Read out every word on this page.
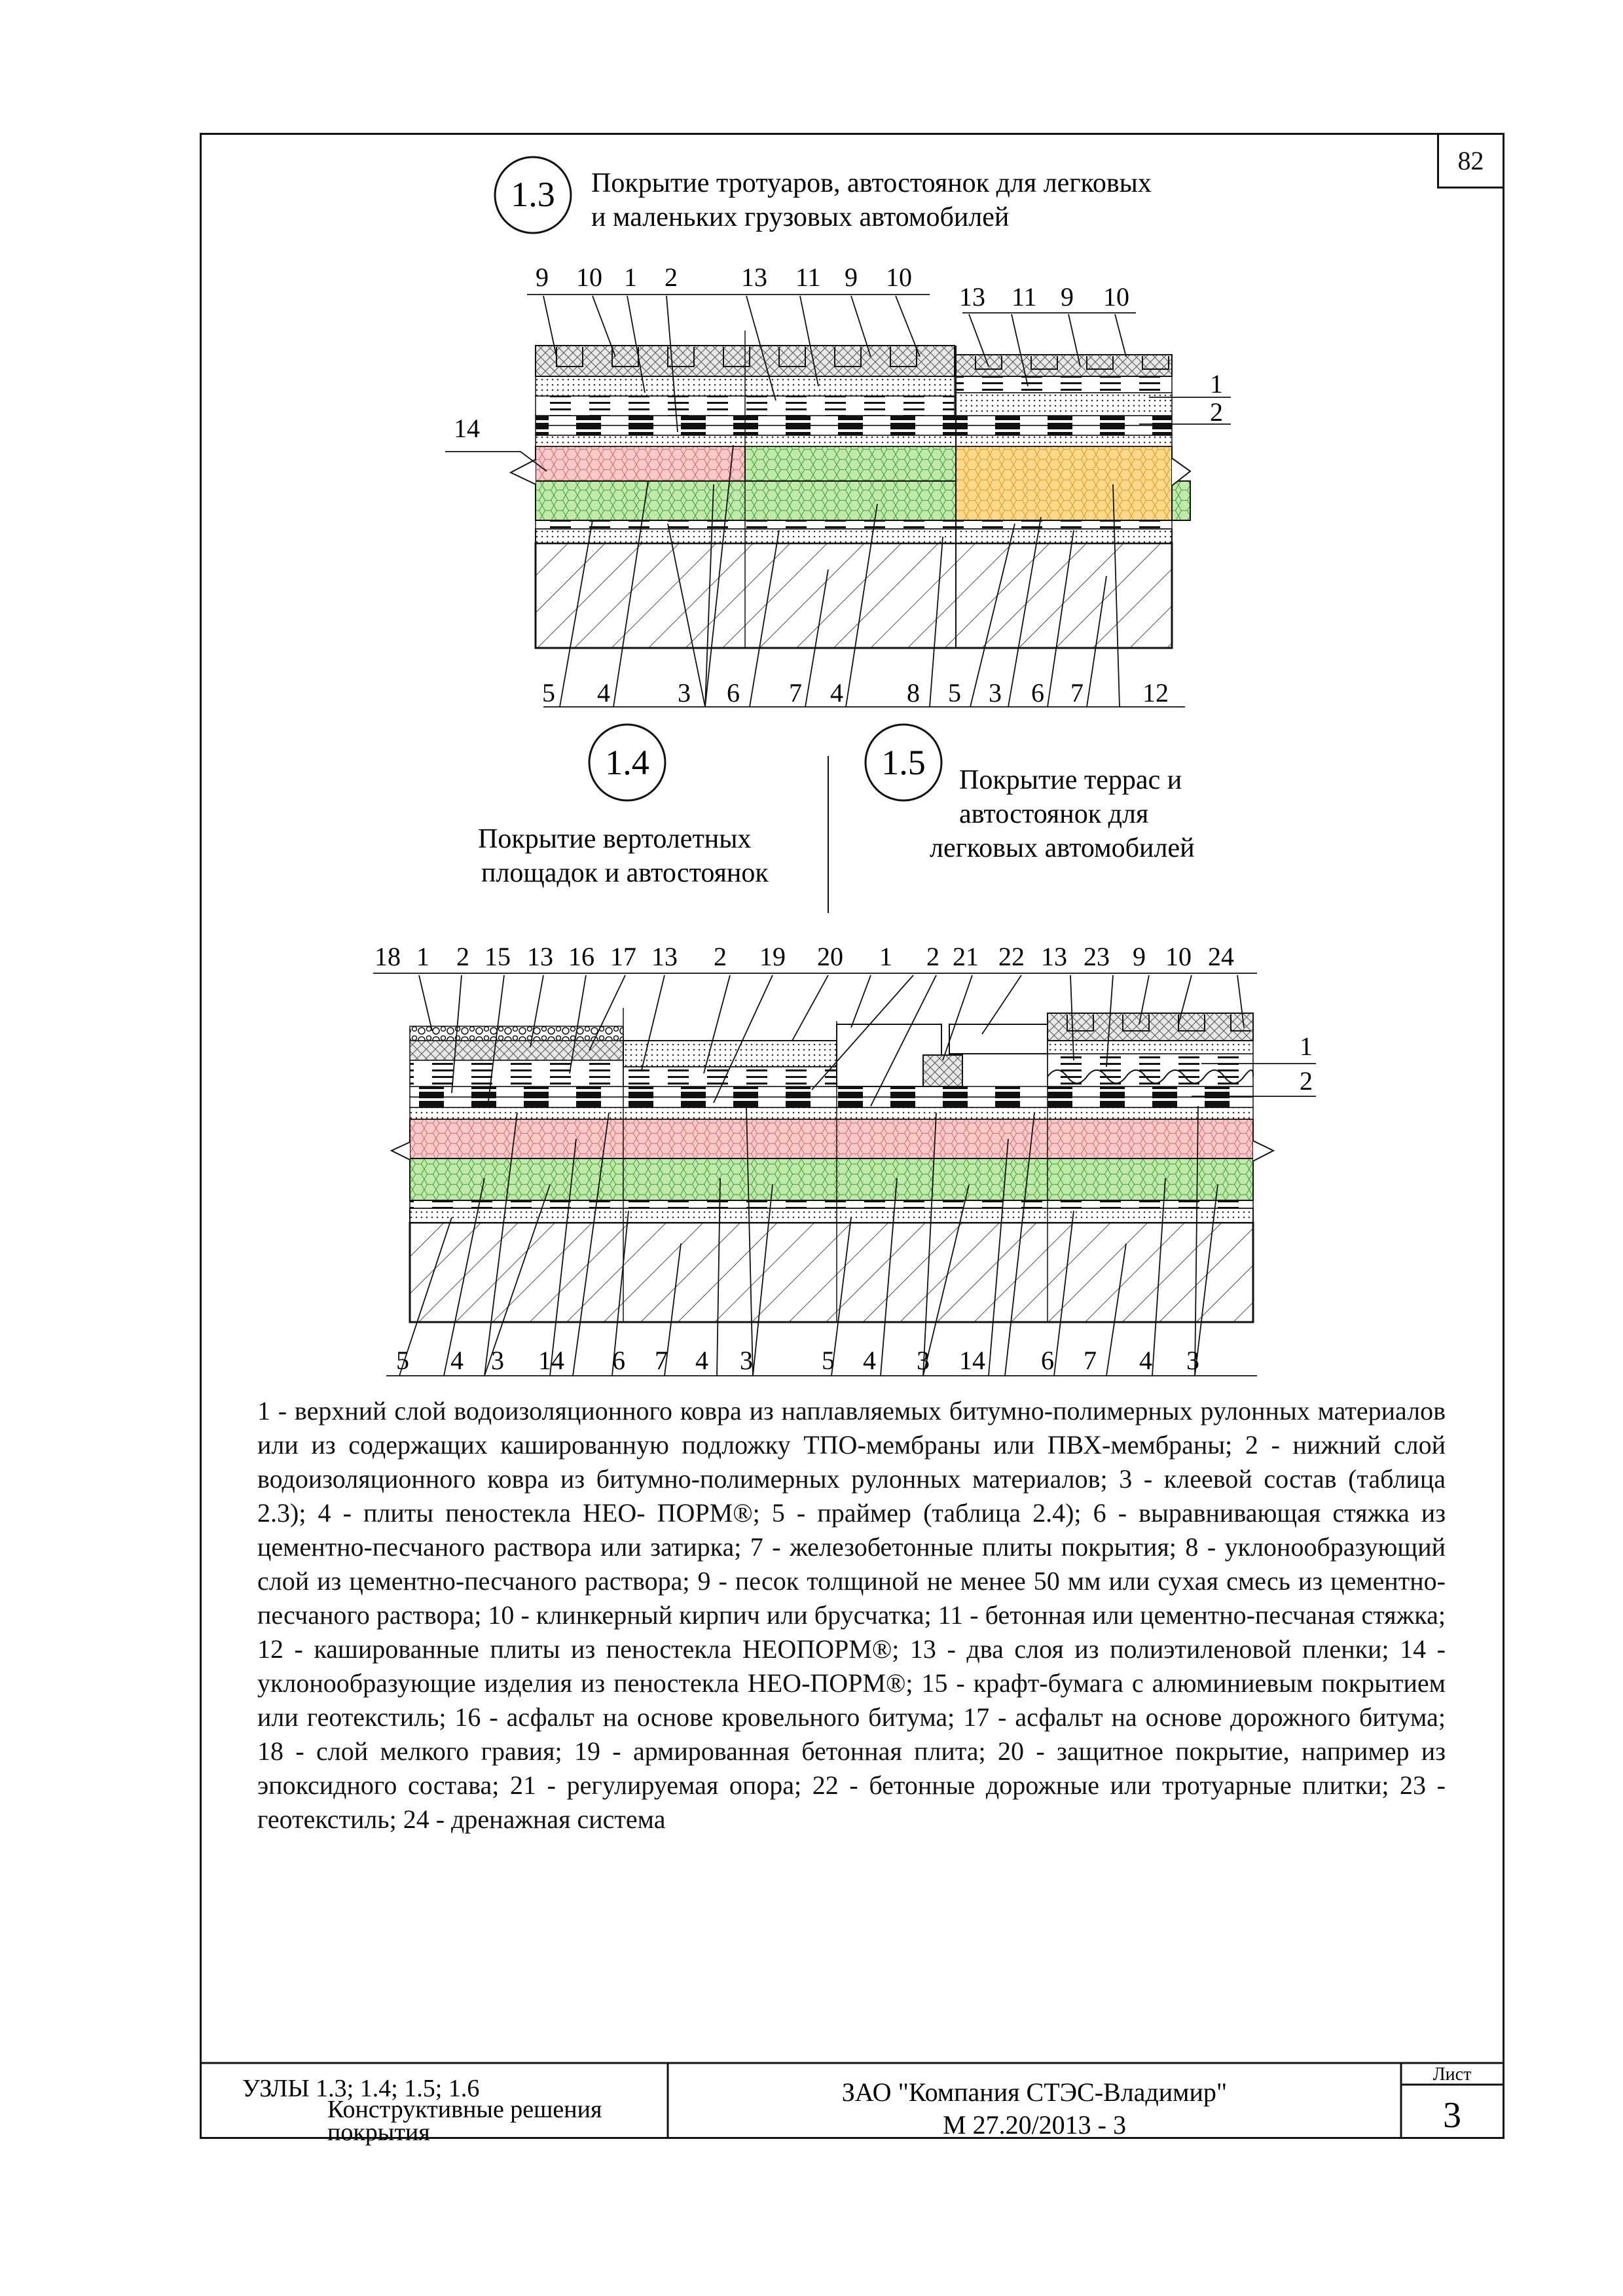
82
1.3 Покрытие тротуаров, автостоянок для легковых
и маленьких грузовых автомобилей
9 10 1 2 13 11 9 10
13 11 9 10
14
1
2
5 4	3 6 7 4 8 5 3 6 7 12
1.4
Покрытие вертолетных
площадок и автостоянок
1.5 Покрытие террас и
автостоянок для
легковых автомобилей
18 1 2 15 13 16 17 13 2 19 20 1 2 21 22 13 23 9 10 24
1
2
5 4 3 14 6 7 4 3	5 4 3 14 6 7 4 3
УЗЛЫ 1.3; 1.4; 1.5; 1.6
Конструктивные решения
покрытия
ЗАО "Компания СТЭС-Владимир"
М 27.20/2013 - 3
Лист
3
1 - верхний слой водоизоляционного ковра из наплавляемых битумно-полимерных рулонных материалов или из содержащих кашированную подложку ТПО-мембраны или ПВХ-мембраны; 2 - нижний слой водоизоляционного ковра из битумно-полимерных рулонных материалов; 3 - клеевой состав (таблица 2.3); 4 - плиты пеностекла НЕО- ПОРМ®; 5 - праймер (таблица 2.4); 6 - выравнивающая стяжка из цементно-песчаного раствора или затирка; 7 - железобетонные плиты покрытия; 8 - уклонообразующий слой из цементно-песчаного раствора; 9 - песок толщиной не менее 50 мм или сухая смесь из цементно-песчаного раствора; 10 - клинкерный кирпич или брусчатка; 11 - бетонная или цементно-песчаная стяжка; 12 - кашированные плиты из пеностекла НЕОПОРМ®; 13 - два слоя из полиэтиленовой пленки; 14 - уклонообразующие изделия из пеностекла НЕО-ПОРМ®; 15 - крафт-бумага с алюминиевым покрытием или геотекстиль; 16 - асфальт на основе кровельного битума; 17 - асфальт на основе дорожного битума; 18 - слой мелкого гравия; 19 - армированная бетонная плита; 20 - защитное покрытие, например из эпоксидного состава; 21 - регулируемая опора; 22 - бетонные дорожные или тротуарные плитки; 23 - геотекстиль; 24 - дренажная система
